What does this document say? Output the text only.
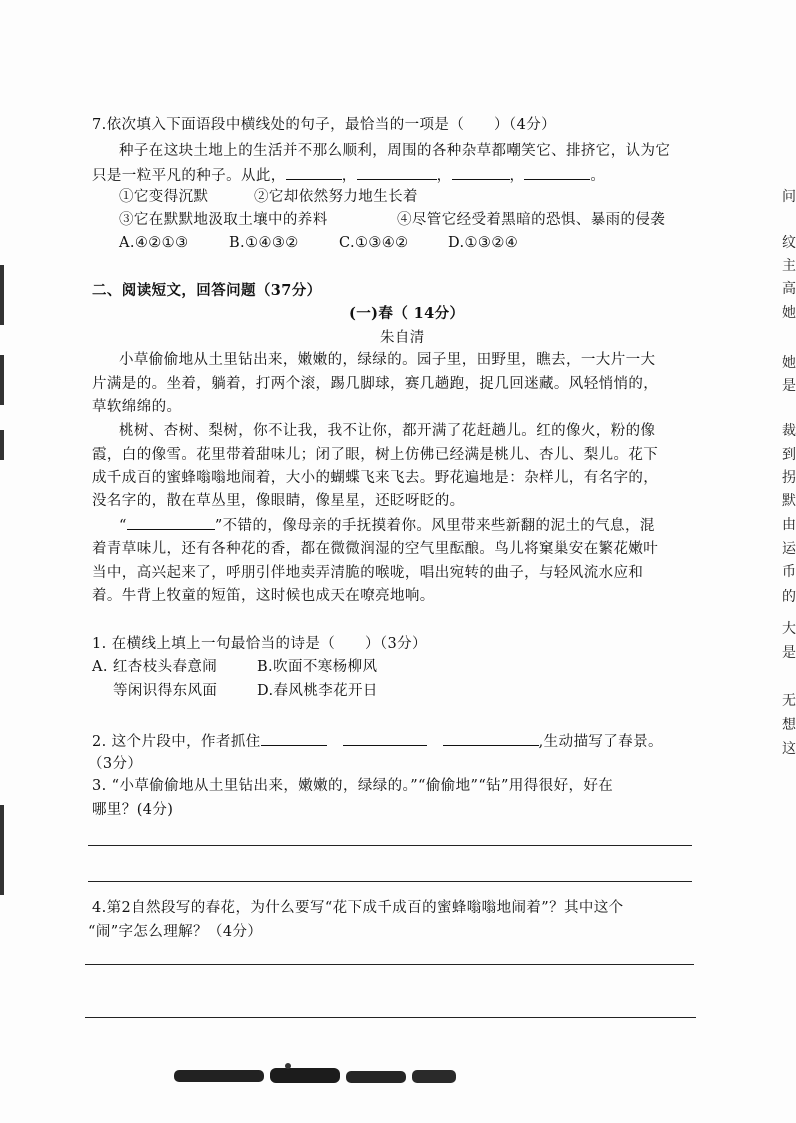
7.依次填入下面语段中横线处的句子，最恰当的一项是（　　）（4分）
种子在这块土地上的生活并不那么顺利，周围的各种杂草都嘲笑它、排挤它，认为它
只是一粒平凡的种子。从此，	，	，	，	。
①它变得沉默	②它却依然努力地生长着
③它在默默地汲取土壤中的养料	④尽管它经受着黑暗的恐惧、暴雨的侵袭
A.④②①③	B.①④③②	C.①③④②	D.①③②④
二、阅读短文，回答问题（37分）
(一)春（ 14分）
朱自清
小草偷偷地从土里钻出来，嫩嫩的，绿绿的。园子里，田野里，瞧去，一大片一大
片满是的。坐着，躺着，打两个滚，踢几脚球，赛几趟跑，捉几回迷藏。风轻悄悄的，
草软绵绵的。
桃树、杏树、梨树，你不让我，我不让你，都开满了花赶趟儿。红的像火，粉的像
霞，白的像雪。花里带着甜味儿；闭了眼，树上仿佛已经满是桃儿、杏儿、梨儿。花下
成千成百的蜜蜂嗡嗡地闹着，大小的蝴蝶飞来飞去。野花遍地是：杂样儿，有名字的，
没名字的，散在草丛里，像眼睛，像星星，还眨呀眨的。
“	”不错的，像母亲的手抚摸着你。风里带来些新翻的泥土的气息，混
着青草味儿，还有各种花的香，都在微微润湿的空气里酝酿。鸟儿将窠巢安在繁花嫩叶
当中，高兴起来了，呼朋引伴地卖弄清脆的喉咙，唱出宛转的曲子，与轻风流水应和
着。牛背上牧童的短笛，这时候也成天在嘹亮地响。
1. 在横线上填上一句最恰当的诗是（　　）（3分）
A. 红杏枝头春意闹	B.吹面不寒杨柳风
等闲识得东风面	D.春风桃李花开日
2. 这个片段中，作者抓住	,生动描写了春景。
（3分）
3. “小草偷偷地从土里钻出来，嫩嫩的，绿绿的。”“偷偷地”“钻”用得很好，好在
哪里？(4分)
4.第2自然段写的春花，为什么要写“花下成千成百的蜜蜂嗡嗡地闹着”？其中这个
“闹”字怎么理解？（4分）
问
纹
主
高
她
她
是
裁
到
拐
默
由
运
币
的
大
是
无
想
这
